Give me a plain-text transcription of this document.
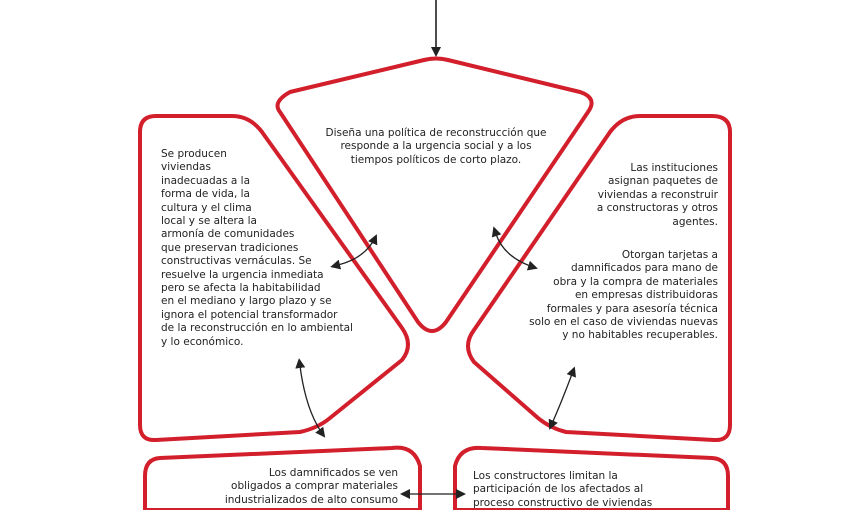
Diseña una política de reconstrucción que
responde a la urgencia social y a los
tiempos políticos de corto plazo.
Se producen
viviendas
inadecuadas a la
forma de vida, la
cultura y el clima
local y se altera la
armonía de comunidades
que preservan tradiciones
constructivas vernáculas. Se
resuelve la urgencia inmediata
pero se afecta la habitabilidad
en el mediano y largo plazo y se
ignora el potencial transformador
de la reconstrucción en lo ambiental
y lo económico.
Las instituciones
asignan paquetes de
viviendas a reconstruir
a constructoras y otros
agentes.
Otorgan tarjetas a
damnificados para mano de
obra y la compra de materiales
en empresas distribuidoras
formales y para asesoría técnica
solo en el caso de viviendas nuevas
y no habitables recuperables.
Los damnificados se ven
obligados a comprar materiales
industrializados de alto consumo
Los constructores limitan la
participación de los afectados al
proceso constructivo de viviendas
